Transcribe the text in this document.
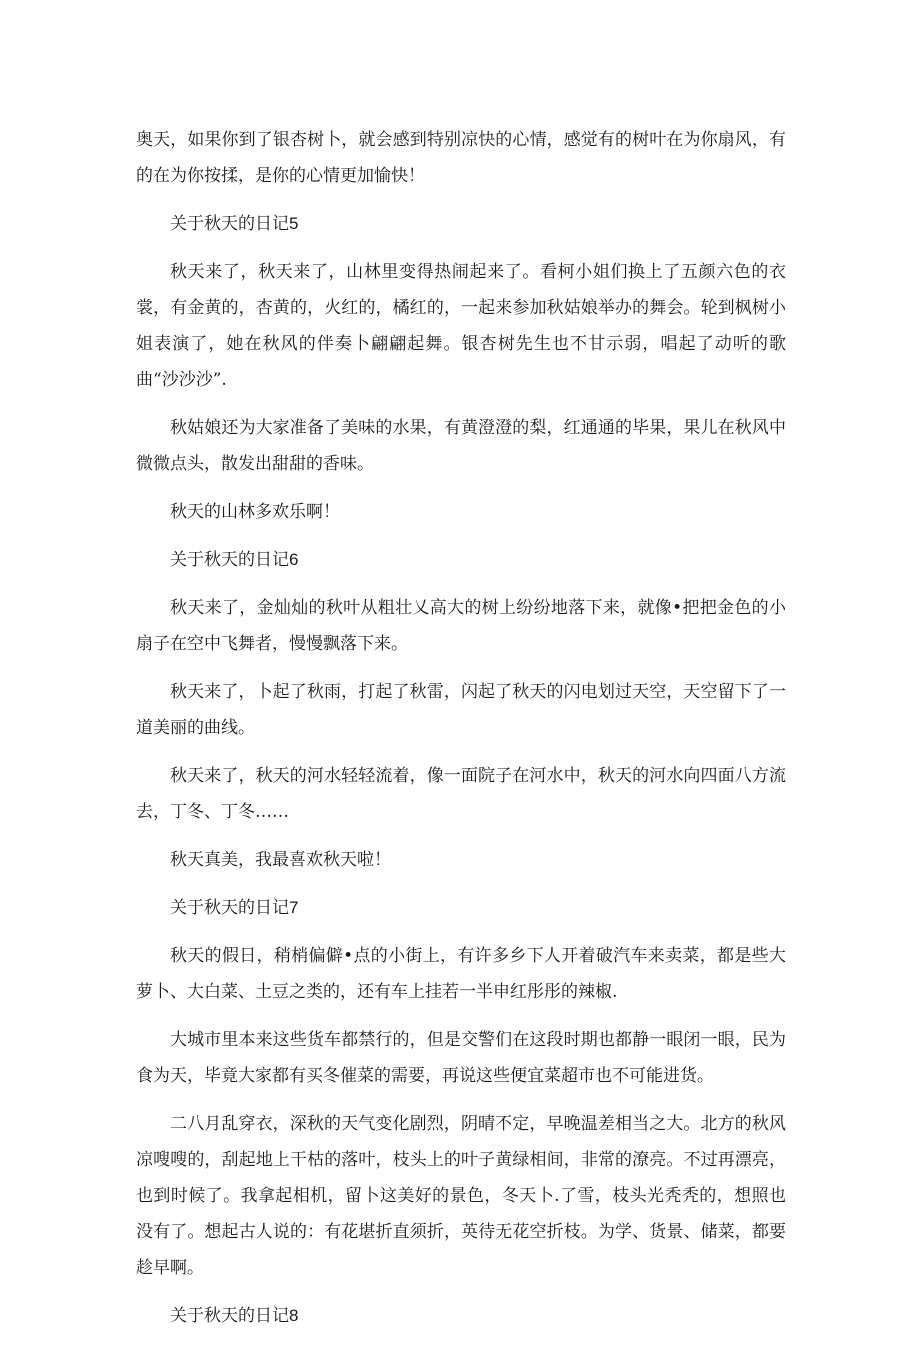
奥天，如果你到了银杏树卜，就会感到特别凉快的心情，感觉有的树叶在为你扇风，有的在为你按揉，是你的心情更加愉快！

关于秋天的日记5

秋天来了，秋天来了，山林里变得热闹起来了。看柯小姐们换上了五颜六色的衣裳，有金黄的，杏黄的，火红的，橘红的，一起来参加秋姑娘举办的舞会。轮到枫树小姐表演了，她在秋风的伴奏卜翩翩起舞。银杏树先生也不甘示弱，唱起了动听的歌曲“沙沙沙”.

秋姑娘还为大家准备了美味的水果，有黄澄澄的梨，红通通的毕果，果儿在秋风中微微点头，散发出甜甜的香味。

秋天的山林多欢乐啊！

关于秋天的日记6

秋天来了，金灿灿的秋叶从粗壮乂高大的树上纷纷地落下来，就像•把把金色的小扇子在空中飞舞者，慢慢飘落下来。

秋天来了，卜起了秋雨，打起了秋雷，闪起了秋天的闪电划过天空，天空留下了一道美丽的曲线。

秋天来了，秋天的河水轻轻流着，像一面院子在河水中，秋天的河水向四面八方流去，丁冬、丁冬……

秋天真美，我最喜欢秋天啦！

关于秋天的日记7

秋天的假日，稍梢偏僻•点的小街上，有许多乡下人开着破汽车来卖菜，都是些大萝卜、大白菜、土豆之类的，还有车上挂若一半申红彤彤的辣椒.

大城市里本来这些货车都禁行的，但是交警们在这段时期也都静一眼闭一眼，民为食为天，毕竟大家都有买冬催菜的需要，再说这些便宜菜超市也不可能进货。

二八月乱穿衣，深秋的天气变化剧烈，阴晴不定，早晚温差相当之大。北方的秋风凉嗖嗖的，刮起地上干枯的落叶，枝头上的叶子黄绿相间，非常的潦亮。不过再漂亮，也到时候了。我拿起相机，留卜这美好的景色，冬天卜.了雪，枝头光秃秃的，想照也没有了。想起古人说的：有花堪折直须折，英待无花空折枝。为学、货景、储菜，都要趁早啊。

关于秋天的日记8
